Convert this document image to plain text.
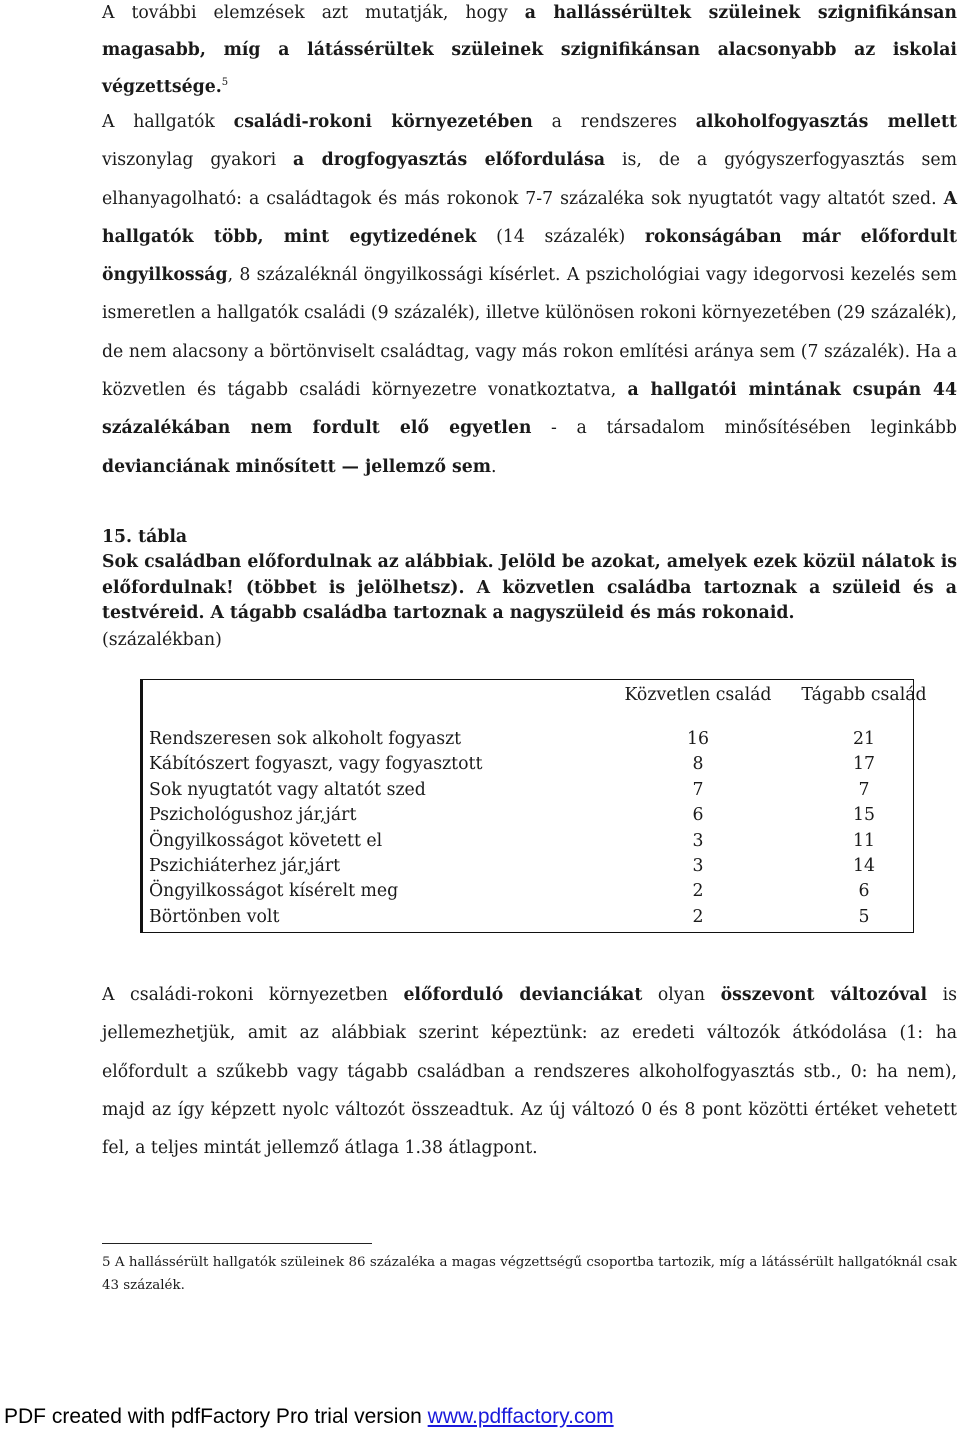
A további elemzések azt mutatják, hogy a hallássérültek szüleinek szignifikánsan magasabb, míg a látássérültek szüleinek szignifikánsan alacsonyabb az iskolai végzettsége.$^5$

A hallgatók családi-rokoni környezetében a rendszeres alkoholfogyasztás mellett viszonylag gyakori a drogfogyasztás előfordulása is, de a gyógyszerfogyasztás sem elhanyagolható: a családtagok és más rokonok 7-7 százaléka sok nyugtatót vagy altatót szed. A hallgatók több, mint egytizedének (14 százalék) rokonságában már előfordult öngyilkosság, 8 százaléknál öngyilkossági kísérlet. A pszichológiai vagy idegorvosi kezelés sem ismeretlen a hallgatók családi (9 százalék), illetve különösen rokoni környezetében (29 százalék), de nem alacsony a börtönviselt családtag, vagy más rokon említési aránya sem (7 százalék). Ha a közvetlen és tágabb családi környezetre vonatkoztatva, a hallgatói mintának csupán 44 százalékában nem fordult elő egyetlen - a társadalom minősítésében leginkább devianciának minősített — jellemző sem.

15. tábla

Sok családban előfordulnak az alábbiak. Jelöld be azokat, amelyek ezek közül nálatok is előfordulnak! (többet is jelölhetsz). A közvetlen családba tartoznak a szüleid és a testvéreid. A tágabb családba tartoznak a nagyszüleid és más rokonaid.

(százalékban)

Közvetlen család	Tágabb család
Rendszeresen sok alkoholt fogyaszt	16	21
Kábítószert fogyaszt, vagy fogyasztott	8	17
Sok nyugtatót vagy altatót szed	7	7
Pszichológushoz jár,járt	6	15
Öngyilkosságot követett el	3	11
Pszichiáterhez jár,járt	3	14
Öngyilkosságot kísérelt meg	2	6
Börtönben volt	2	5

A családi-rokoni környezetben előforduló devianciákat olyan összevont változóval is jellemezhetjük, amit az alábbiak szerint képeztünk: az eredeti változók átkódolása (1: ha előfordult a szűkebb vagy tágabb családban a rendszeres alkoholfogyasztás stb., 0: ha nem), majd az így képzett nyolc változót összeadtuk. Az új változó 0 és 8 pont közötti értéket vehetett fel, a teljes mintát jellemző átlaga 1.38 átlagpont.

5 A hallássérült hallgatók szüleinek 86 százaléka a magas végzettségű csoportba tartozik, míg a látássérült hallgatóknál csak 43 százalék.

PDF created with pdfFactory Pro trial version www.pdffactory.com
